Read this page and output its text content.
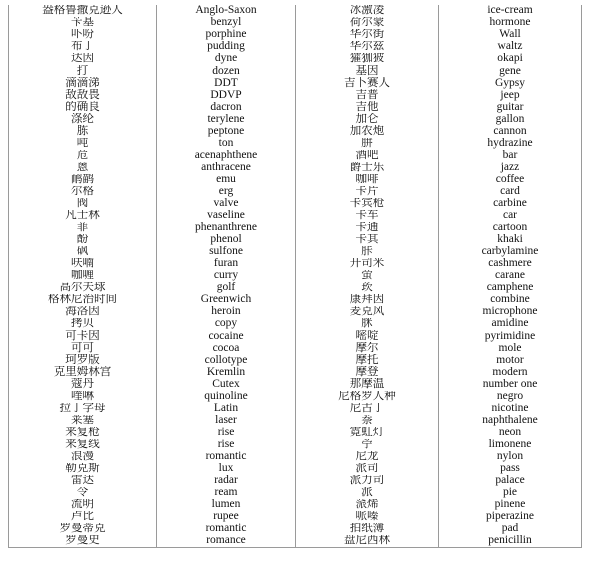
盎格鲁撒克逊人	Anglo-Saxon	冰激凌	ice-cream
苄基	benzyl	荷尔蒙	hormone
卟吩	porphine	华尔街	Wall
布丁	pudding	华尔兹	waltz
达因	dyne	㺢㹢狓	okapi
打	dozen	基因	gene
滴滴涕	DDT	吉卜赛人	Gypsy
敌敌畏	DDVP	吉普	jeep
的确良	dacron	吉他	guitar
涤纶	terylene	加仑	gallon
胨	peptone	加农炮	cannon
吨	ton	肼	hydrazine
苊	acenaphthene	酒吧	bar
蒽	anthracene	爵士乐	jazz
鸸鹋	emu	咖啡	coffee
尔格	erg	卡片	card
阀	valve	卡宾枪	carbine
凡士林	vaseline	卡车	car
菲	phenanthrene	卡通	cartoon
酚	phenol	卡其	khaki
砜	sulfone	胩	carbylamine
呋喃	furan	开司米	cashmere
咖喱	curry	萤	carane
高尔夫球	golf	莰	camphene
格林尼治时间	Greenwich	康拜因	combine
海洛因	heroin	麦克风	microphone
拷贝	copy	脒	amidine
可卡因	cocaine	嘧啶	pyrimidine
可可	cocoa	摩尔	mole
珂罗版	collotype	摩托	motor
克里姆林宫	Kremlin	摩登	modern
蔻丹	Cutex	那摩温	number one
喹啉	quinoline	尼格罗人种	negro
拉丁字母	Latin	尼古丁	nicotine
莱塞	laser	萘	naphthalene
来复枪	rise	霓虹灯	neon
来复线	rise	苧	limonene
浪漫	romantic	尼龙	nylon
勒克斯	lux	派司	pass
雷达	radar	派力司	palace
令	ream	派	pie
流明	lumen	蒎烯	pinene
卢比	rupee	哌嗪	piperazine
罗曼蒂克	romantic	拍纸簿	pad
罗曼史	romance	盘尼西林	penicillin
